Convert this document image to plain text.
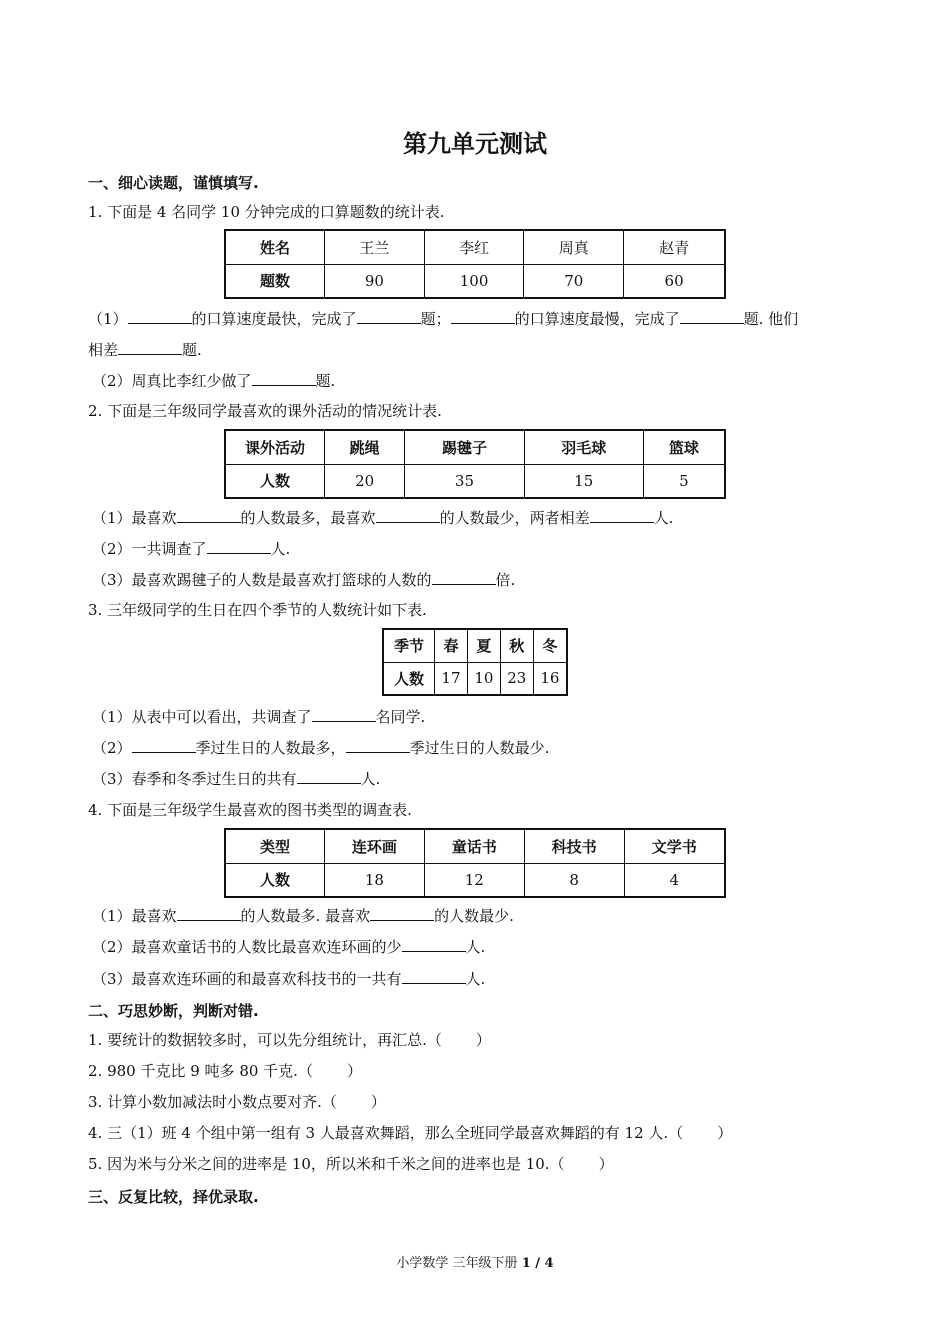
第九单元测试
一、细心读题，谨慎填写.
1. 下面是 4 名同学 10 分钟完成的口算题数的统计表.
姓名	王兰	李红	周真	赵青
题数	90	100	70	60
（1）	的口算速度最快，完成了	题；	的口算速度最慢，完成了	题. 他们
相差	题.
（2）周真比李红少做了	题.
2. 下面是三年级同学最喜欢的课外活动的情况统计表.
课外活动	跳绳	踢毽子	羽毛球	篮球
人数	20	35	15	5
（1）最喜欢	的人数最多，最喜欢	的人数最少，两者相差	人.
（2）一共调查了	人.
（3）最喜欢踢毽子的人数是最喜欢打篮球的人数的	倍.
3. 三年级同学的生日在四个季节的人数统计如下表.
季节	春	夏	秋	冬
人数	17	10	23	16
（1）从表中可以看出，共调查了	名同学.
（2）	季过生日的人数最多，	季过生日的人数最少.
（3）春季和冬季过生日的共有	人.
4. 下面是三年级学生最喜欢的图书类型的调查表.
类型	连环画	童话书	科技书	文学书
人数	18	12	8	4
（1）最喜欢	的人数最多. 最喜欢	的人数最少.
（2）最喜欢童话书的人数比最喜欢连环画的少	人.
（3）最喜欢连环画的和最喜欢科技书的一共有	人.
二、巧思妙断，判断对错.
1. 要统计的数据较多时，可以先分组统计，再汇总.（ ）
2. 980 千克比 9 吨多 80 千克.（ ）
3. 计算小数加减法时小数点要对齐.（ ）
4. 三（1）班 4 个组中第一组有 3 人最喜欢舞蹈，那么全班同学最喜欢舞蹈的有 12 人.（ ）
5. 因为米与分米之间的进率是 10，所以米和千米之间的进率也是 10.（ ）
三、反复比较，择优录取.
小学数学 三年级下册 1 / 4
